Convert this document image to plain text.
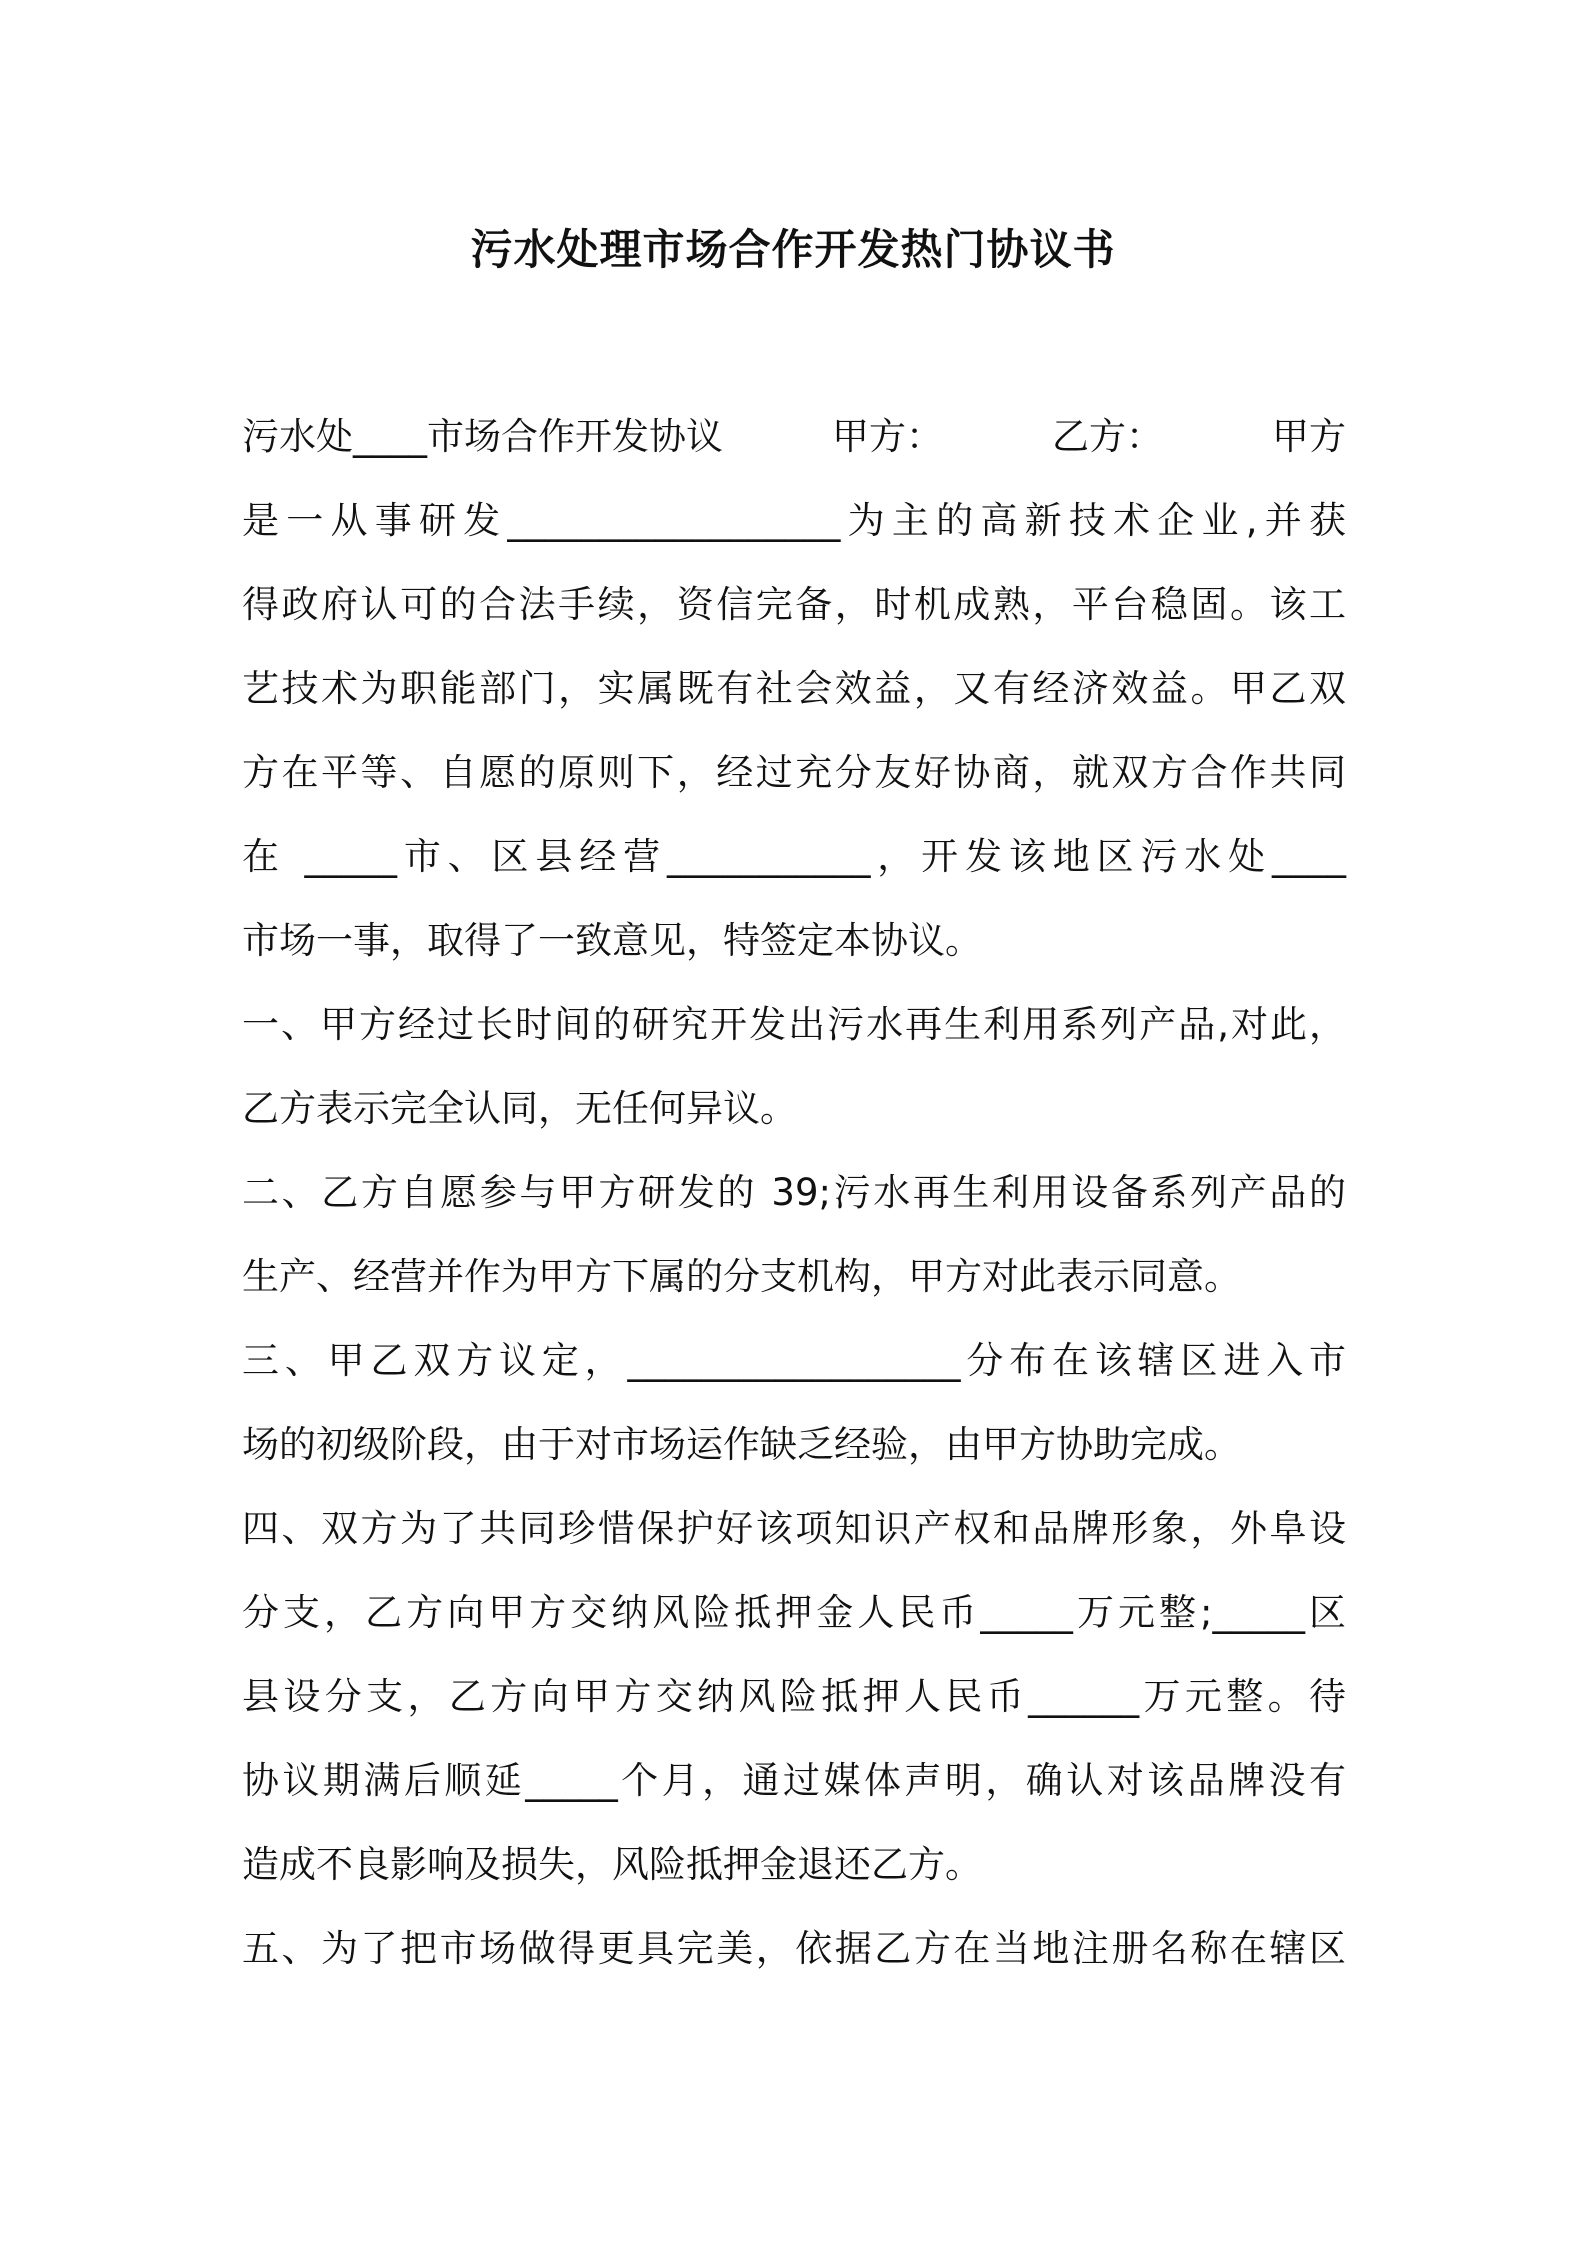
污水处理市场合作开发热门协议书
污水处____市场合作开发协议	甲方：	乙方：	甲方
是一从事研发__________________为主的高新技术企业,并获
得政府认可的合法手续，资信完备，时机成熟，平台稳固。该工
艺技术为职能部门，实属既有社会效益，又有经济效益。甲乙双
方在平等、自愿的原则下，经过充分友好协商，就双方合作共同
在 _____市、区县经营___________，开发该地区污水处____
市场一事，取得了一致意见，特签定本协议。
一、甲方经过长时间的研究开发出污水再生利用系列产品,对此，
乙方表示完全认同，无任何异议。
二、乙方自愿参与甲方研发的 39;污水再生利用设备系列产品的
生产、经营并作为甲方下属的分支机构，甲方对此表示同意。
三、甲乙双方议定，__________________分布在该辖区进入市
场的初级阶段，由于对市场运作缺乏经验，由甲方协助完成。
四、双方为了共同珍惜保护好该项知识产权和品牌形象，外阜设
分支，乙方向甲方交纳风险抵押金人民币_____万元整;_____区
县设分支，乙方向甲方交纳风险抵押人民币______万元整。待
协议期满后顺延_____个月，通过媒体声明，确认对该品牌没有
造成不良影响及损失，风险抵押金退还乙方。
五、为了把市场做得更具完美，依据乙方在当地注册名称在辖区
